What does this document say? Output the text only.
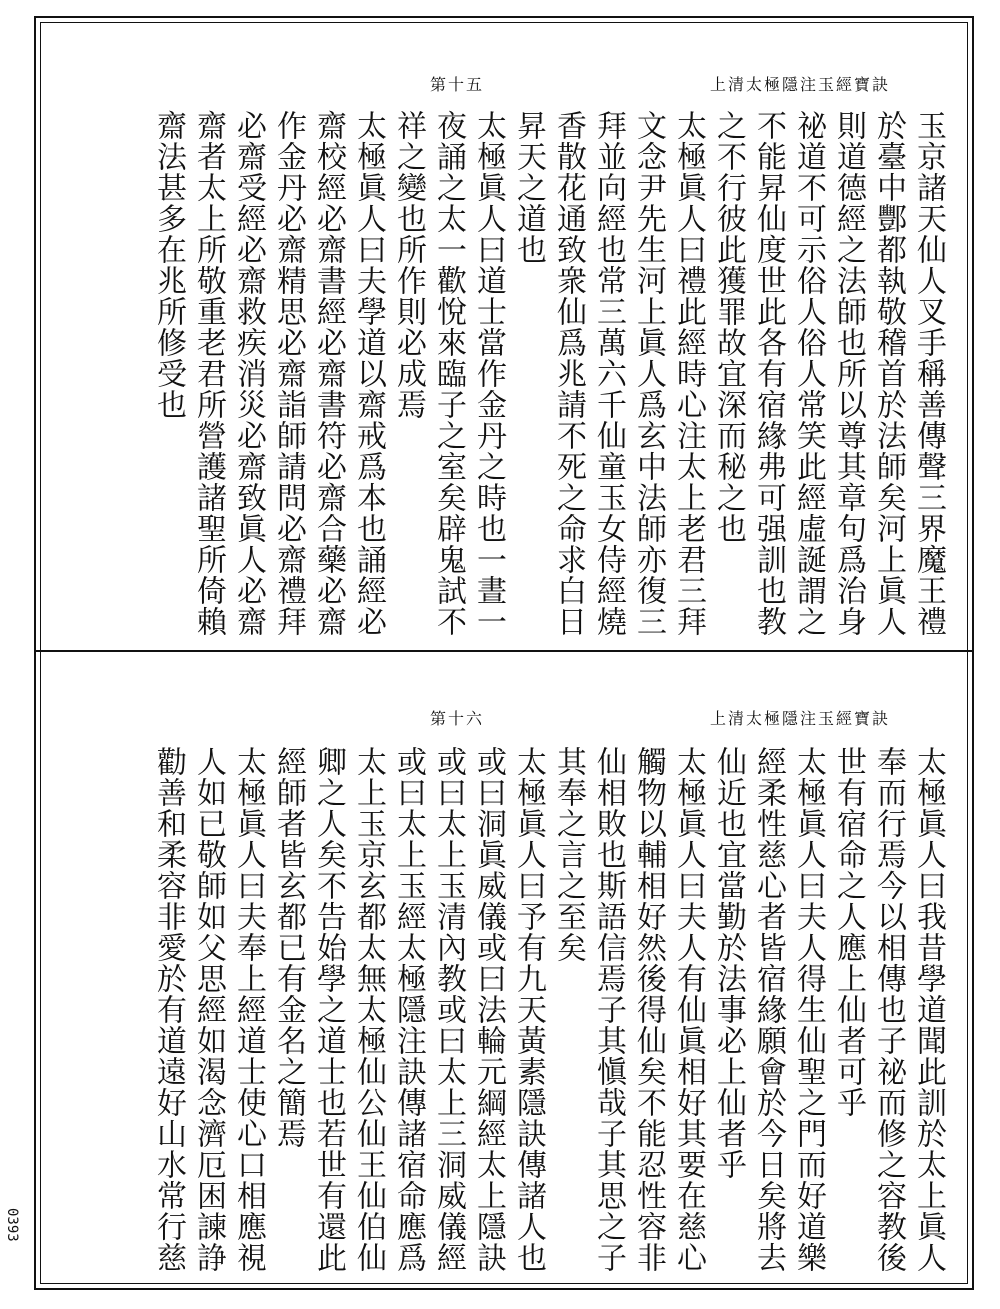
0393
第十五	上清太極隱注玉經寶訣
玉京諸天仙人叉手稱善傳聲三界魔王禮
於臺中酆都執敬稽首於法師矣河上眞人
則道德經之法師也所以尊其章句爲治身
祕道不可示俗人俗人常笑此經虛誕謂之
不能昇仙度世此各有宿緣弗可强訓也教
之不行彼此獲罪故宜深而秘之也
太極眞人曰禮此經時心注太上老君三拜
文念尹先生河上眞人爲玄中法師亦復三
拜並向經也常三萬六千仙童玉女侍經燒
香散花通致衆仙爲兆請不死之命求白日
昇天之道也
太極眞人曰道士當作金丹之時也一晝一
夜誦之太一歡悅來臨子之室矣辟鬼試不
祥之變也所作則必成焉
太極眞人曰夫學道以齋戒爲本也誦經必
齋校經必齋書經必齋書符必齋合藥必齋
作金丹必齋精思必齋詣師請問必齋禮拜
必齋受經必齋救疾消災必齋致眞人必齋
齋者太上所敬重老君所營護諸聖所倚賴
齋法甚多在兆所修受也
第十六	上清太極隱注玉經寶訣
太極眞人曰我昔學道聞此訓於太上眞人
奉而行焉今以相傳也子祕而修之容教後
世有宿命之人應上仙者可乎
太極眞人曰夫人得生仙聖之門而好道樂
經柔性慈心者皆宿緣願會於今日矣將去
仙近也宜當勤於法事必上仙者乎
太極眞人曰夫人有仙眞相好其要在慈心
觸物以輔相好然後得仙矣不能忍性容非
仙相敗也斯語信焉子其愼哉子其思之子
其奉之言之至矣
太極眞人曰予有九天黃素隱訣傳諸人也
或曰洞眞威儀或曰法輪元綱經太上隱訣
或曰太上玉清內教或曰太上三洞威儀經
或曰太上玉經太極隱注訣傳諸宿命應爲
太上玉京玄都太無太極仙公仙王仙伯仙
卿之人矣不告始學之道士也若世有還此
經師者皆玄都已有金名之簡焉
太極眞人曰夫奉上經道士使心口相應視
人如已敬師如父思經如渴念濟厄困諫諍
勸善和柔容非愛於有道遠好山水常行慈
